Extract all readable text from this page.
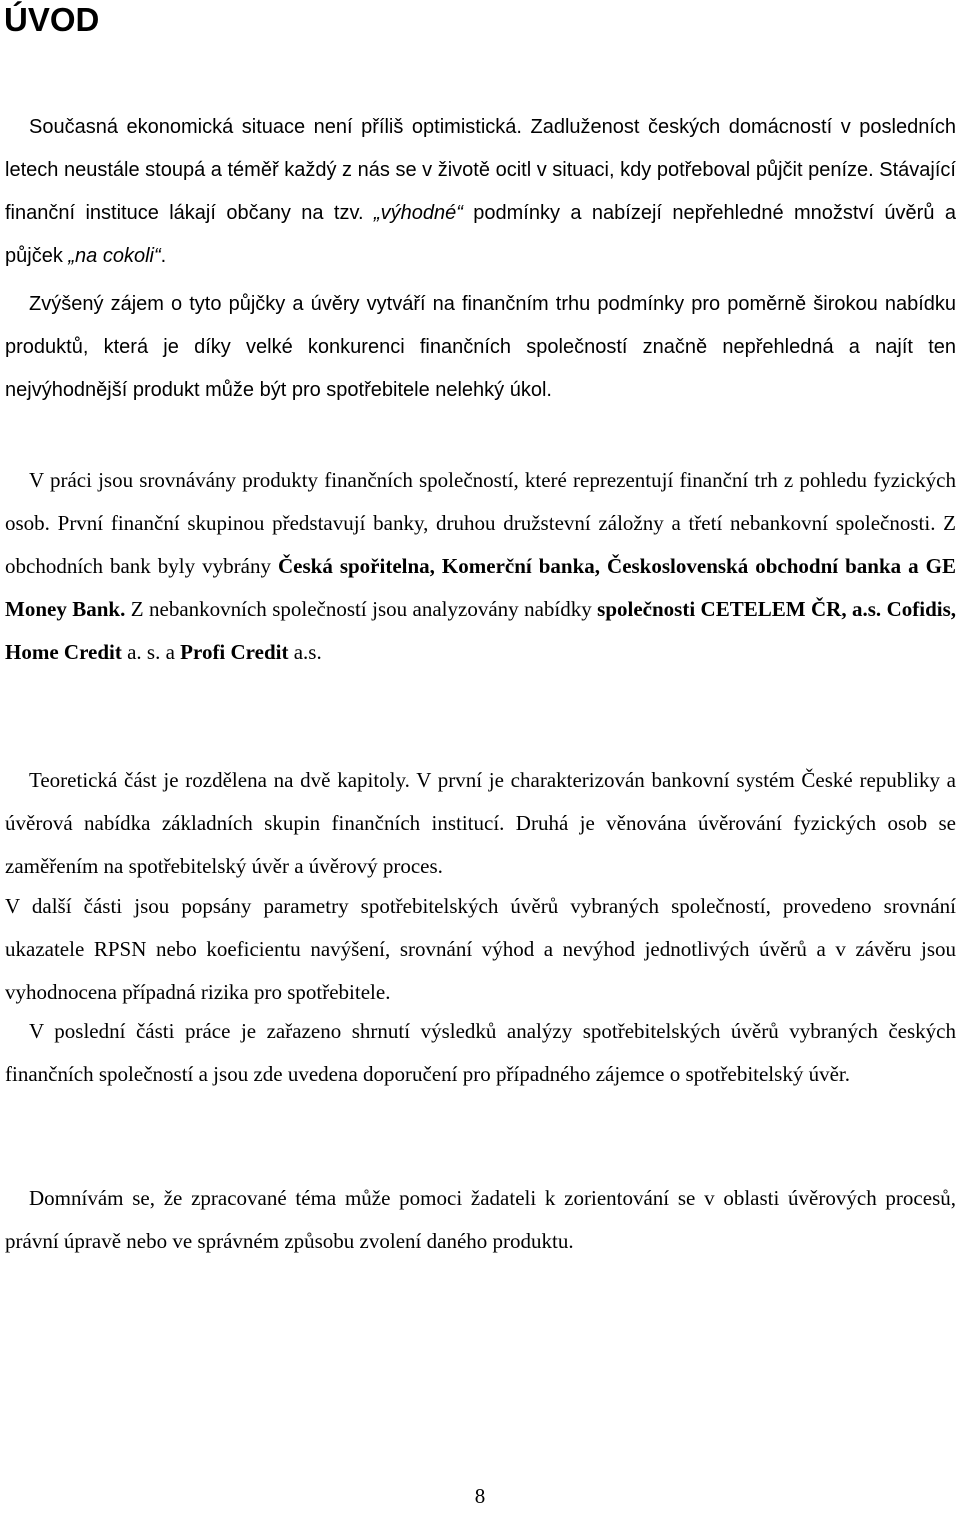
ÚVOD

Současná ekonomická situace není příliš optimistická. Zadluženost českých domácností v posledních letech neustále stoupá a téměř každý z nás se v životě ocitl v situaci, kdy potřeboval půjčit peníze. Stávající finanční instituce lákají občany na tzv. „výhodné“ podmínky a nabízejí nepřehledné množství úvěrů a půjček „na cokoli“.

Zvýšený zájem o tyto půjčky a úvěry vytváří na finančním trhu podmínky pro poměrně širokou nabídku produktů, která je díky velké konkurenci finančních společností značně nepřehledná a najít ten nejvýhodnější produkt může být pro spotřebitele nelehký úkol.

V práci jsou srovnávány produkty finančních společností, které reprezentují finanční trh z pohledu fyzických osob. První finanční skupinou představují banky, druhou družstevní záložny a třetí nebankovní společnosti. Z obchodních bank byly vybrány Česká spořitelna, Komerční banka, Československá obchodní banka a GE Money Bank. Z nebankovních společností jsou analyzovány nabídky společnosti CETELEM ČR, a.s. Cofidis, Home Credit a. s. a Profi Credit a.s.

Teoretická část je rozdělena na dvě kapitoly. V první je charakterizován bankovní systém České republiky a úvěrová nabídka základních skupin finančních institucí. Druhá je věnována úvěrování fyzických osob se zaměřením na spotřebitelský úvěr a úvěrový proces.

V další části jsou popsány parametry spotřebitelských úvěrů vybraných společností, provedeno srovnání ukazatele RPSN nebo koeficientu navýšení, srovnání výhod a nevýhod jednotlivých úvěrů a v závěru jsou vyhodnocena případná rizika pro spotřebitele.

V poslední části práce je zařazeno shrnutí výsledků analýzy spotřebitelských úvěrů vybraných českých finančních společností a jsou zde uvedena doporučení pro případného zájemce o spotřebitelský úvěr.

Domnívám se, že zpracované téma může pomoci žadateli k zorientování se v oblasti úvěrových procesů, právní úpravě nebo ve správném způsobu zvolení daného produktu.

8
